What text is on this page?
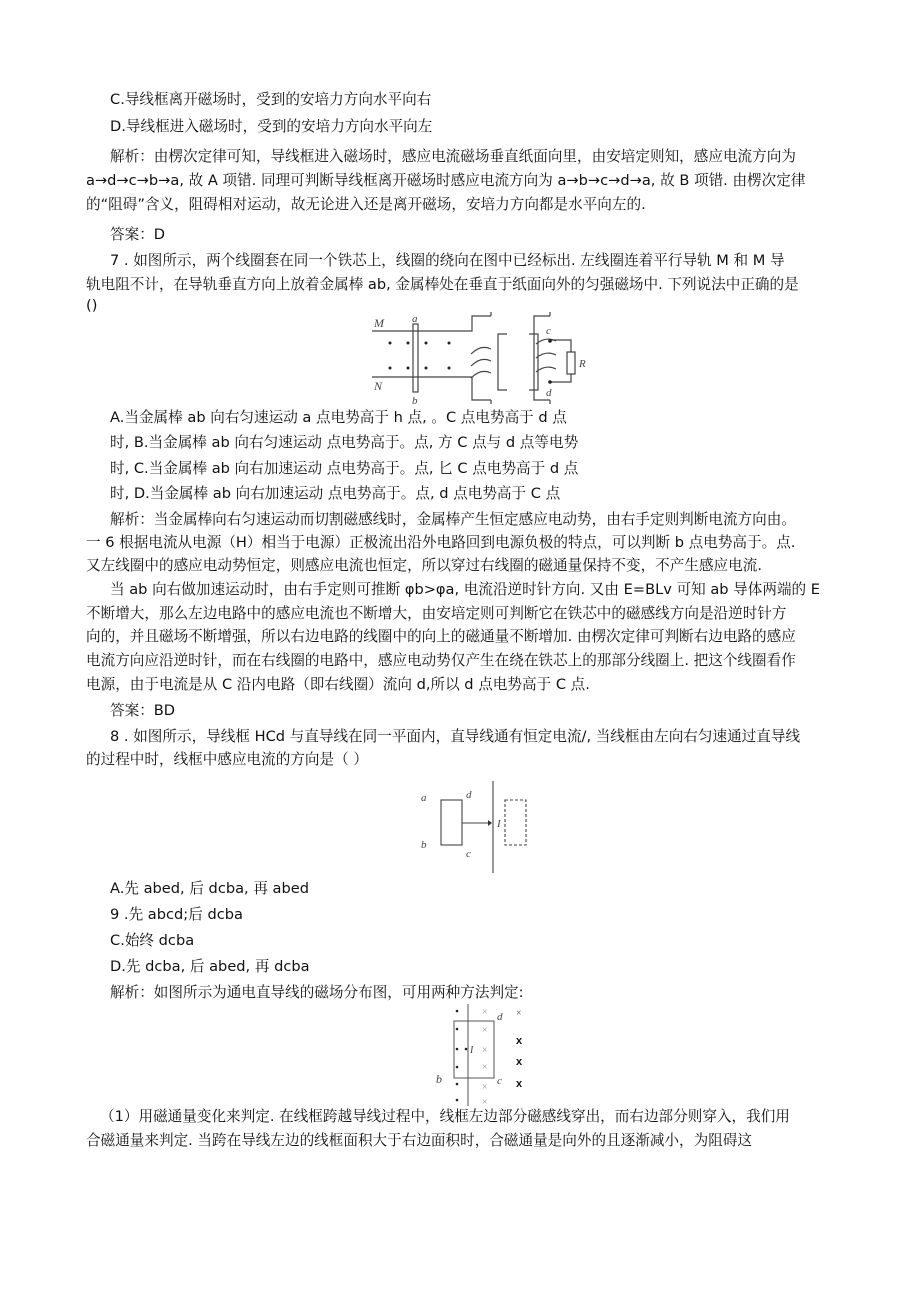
C.导线框离开磁场时，受到的安培力方向水平向右
D.导线框进入磁场时，受到的安培力方向水平向左
解析：由楞次定律可知，导线框进入磁场时，感应电流磁场垂直纸面向里，由安培定则知，感应电流方向为
a→d→c→b→a, 故 A 项错. 同理可判断导线框离开磁场时感应电流方向为 a→b→c→d→a, 故 B 项错. 由楞次定律
的“阻碍”含义，阻碍相对运动，故无论进入还是离开磁场，安培力方向都是水平向左的.
答案：D
7 . 如图所示，两个线圈套在同一个铁芯上，线圈的绕向在图中已经标出. 左线圈连着平行导轨 M 和 M 导
轨电阻不计，在导轨垂直方向上放着金属棒 ab, 金属棒处在垂直于纸面向外的匀强磁场中. 下列说法中正确的是
()
M
N
a
b
c
d
R
A.当金属棒 ab 向右匀速运动 a 点电势高于 h 点, 。C 点电势高于 d 点
时, B.当金属棒 ab 向右匀速运动 点电势高于。点, 方 C 点与 d 点等电势
时, C.当金属棒 ab 向右加速运动 点电势高于。点, 匕 C 点电势高于 d 点
时, D.当金属棒 ab 向右加速运动 点电势高于。点, d 点电势高于 C 点
解析：当金属棒向右匀速运动而切割磁感线时，金属棒产生恒定感应电动势，由右手定则判断电流方向由。
一 6 根据电流从电源（H）相当于电源）正极流出沿外电路回到电源负极的特点，可以判断 b 点电势高于。点.
又左线圈中的感应电动势恒定，则感应电流也恒定，所以穿过右线圈的磁通量保持不变，不产生感应电流.
当 ab 向右做加速运动时，由右手定则可推断 φb>φa, 电流沿逆时针方向. 又由 E=BLv 可知 ab 导体两端的 E
不断增大，那么左边电路中的感应电流也不断增大，由安培定则可判断它在铁芯中的磁感线方向是沿逆时针方
向的，并且磁场不断增强，所以右边电路的线圈中的向上的磁通量不断增加. 由楞次定律可判断右边电路的感应
电流方向应沿逆时针，而在右线圈的电路中，感应电动势仅产生在绕在铁芯上的那部分线圈上. 把这个线圈看作
电源，由于电流是从 C 沿内电路（即右线圈）流向 d,所以 d 点电势高于 C 点.
答案：BD
8 . 如图所示，导线框 HCd 与直导线在同一平面内，直导线通有恒定电流/, 当线框由左向右匀速通过直导线
的过程中时，线框中感应电流的方向是（ ）
a	d
b
c
I
A.先 abed, 后 dcba, 再 abed
9 .先 abcd;后 dcba
C.始终 dcba
D.先 dcba, 后 abed, 再 dcba
解析：如图所示为通电直导线的磁场分布图，可用两种方法判定:
×
×
×
×
×
×
×
x
x
x
d
b	c
I
（1）用磁通量变化来判定. 在线框跨越导线过程中，线框左边部分磁感线穿出，而右边部分则穿入，我们用
合磁通量来判定. 当跨在导线左边的线框面积大于右边面积时，合磁通量是向外的且逐渐减小，为阻碍这
